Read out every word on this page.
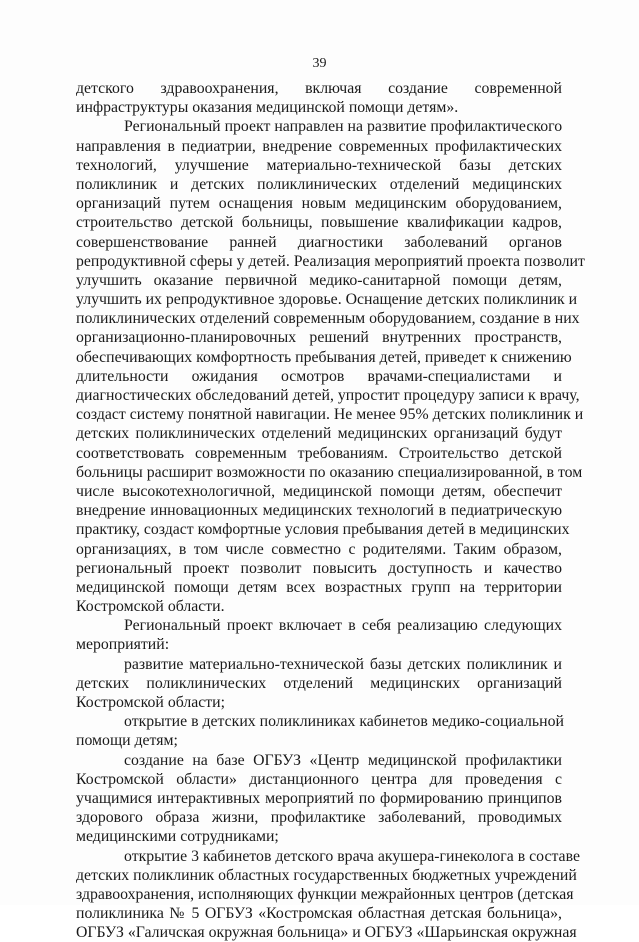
39
детского здравоохранения, включая создание современной
инфраструктуры оказания медицинской помощи детям».
Региональный проект направлен на развитие профилактического
направления в педиатрии, внедрение современных профилактических
технологий, улучшение материально-технической базы детских
поликлиник и детских поликлинических отделений медицинских
организаций путем оснащения новым медицинским оборудованием,
строительство детской больницы, повышение квалификации кадров,
совершенствование ранней диагностики заболеваний органов
репродуктивной сферы у детей. Реализация мероприятий проекта позволит
улучшить оказание первичной медико-санитарной помощи детям,
улучшить их репродуктивное здоровье. Оснащение детских поликлиник и
поликлинических отделений современным оборудованием, создание в них
организационно-планировочных решений внутренних пространств,
обеспечивающих комфортность пребывания детей, приведет к снижению
длительности ожидания осмотров врачами-специалистами и
диагностических обследований детей, упростит процедуру записи к врачу,
создаст систему понятной навигации. Не менее 95% детских поликлиник и
детских поликлинических отделений медицинских организаций будут
соответствовать современным требованиям. Строительство детской
больницы расширит возможности по оказанию специализированной, в том
числе высокотехнологичной, медицинской помощи детям, обеспечит
внедрение инновационных медицинских технологий в педиатрическую
практику, создаст комфортные условия пребывания детей в медицинских
организациях, в том числе совместно с родителями. Таким образом,
региональный проект позволит повысить доступность и качество
медицинской помощи детям всех возрастных групп на территории
Костромской области.
Региональный проект включает в себя реализацию следующих
мероприятий:
развитие материально-технической базы детских поликлиник и
детских поликлинических отделений медицинских организаций
Костромской области;
открытие в детских поликлиниках кабинетов медико-социальной
помощи детям;
создание на базе ОГБУЗ «Центр медицинской профилактики
Костромской области» дистанционного центра для проведения с
учащимися интерактивных мероприятий по формированию принципов
здорового образа жизни, профилактике заболеваний, проводимых
медицинскими сотрудниками;
открытие 3 кабинетов детского врача акушера-гинеколога в составе
детских поликлиник областных государственных бюджетных учреждений
здравоохранения, исполняющих функции межрайонных центров (детская
поликлиника № 5 ОГБУЗ «Костромская областная детская больница»,
ОГБУЗ «Галичская окружная больница» и ОГБУЗ «Шарьинская окружная
